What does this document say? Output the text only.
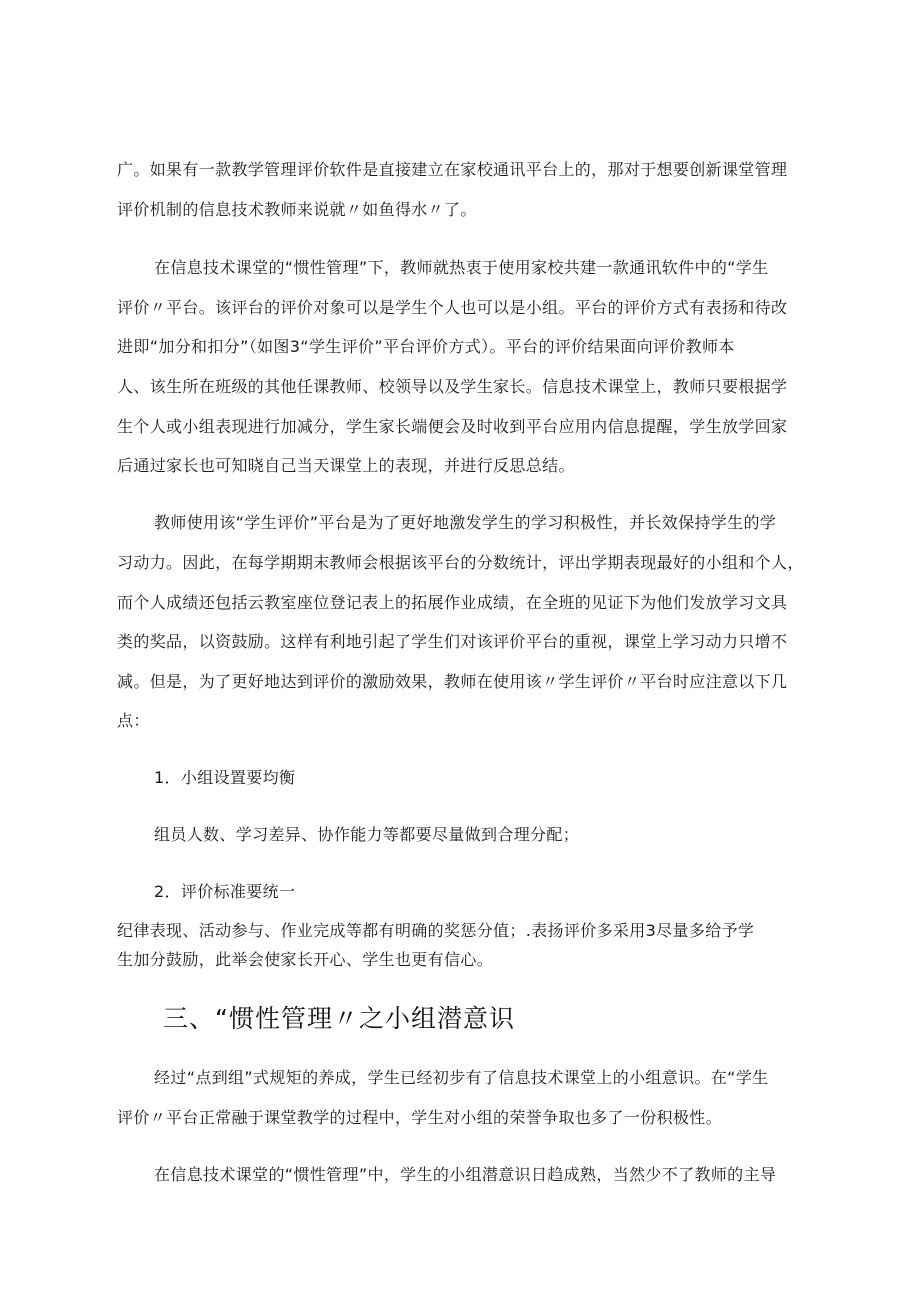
广。如果有一款教学管理评价软件是直接建立在家校通讯平台上的，那对于想要创新课堂管理
评价机制的信息技术教师来说就〃如鱼得水〃了。
在信息技术课堂的“惯性管理”下，教师就热衷于使用家校共建一款通讯软件中的“学生
评价〃平台。该评台的评价对象可以是学生个人也可以是小组。平台的评价方式有表扬和待改
进即“加分和扣分”（如图3“学生评价”平台评价方式）。平台的评价结果面向评价教师本
人、该生所在班级的其他任课教师、校领导以及学生家长。信息技术课堂上，教师只要根据学
生个人或小组表现进行加减分，学生家长端便会及时收到平台应用内信息提醒，学生放学回家
后通过家长也可知晓自己当天课堂上的表现，并进行反思总结。
教师使用该“学生评价”平台是为了更好地激发学生的学习积极性，并长效保持学生的学
习动力。因此，在每学期期末教师会根据该平台的分数统计，评出学期表现最好的小组和个人，
而个人成绩还包括云教室座位登记表上的拓展作业成绩，在全班的见证下为他们发放学习文具
类的奖品，以资鼓励。这样有利地引起了学生们对该评价平台的重视，课堂上学习动力只增不
减。但是，为了更好地达到评价的激励效果，教师在使用该〃学生评价〃平台时应注意以下几
点：
1．小组设置要均衡
组员人数、学习差异、协作能力等都要尽量做到合理分配；
2．评价标准要统一
纪律表现、活动参与、作业完成等都有明确的奖惩分值；.表扬评价多采用3尽量多给予学
生加分鼓励，此举会使家长开心、学生也更有信心。
三、“惯性管理〃之小组潜意识
经过“点到组”式规矩的养成，学生已经初步有了信息技术课堂上的小组意识。在“学生
评价〃平台正常融于课堂教学的过程中，学生对小组的荣誉争取也多了一份积极性。
在信息技术课堂的“惯性管理”中，学生的小组潜意识日趋成熟，当然少不了教师的主导
